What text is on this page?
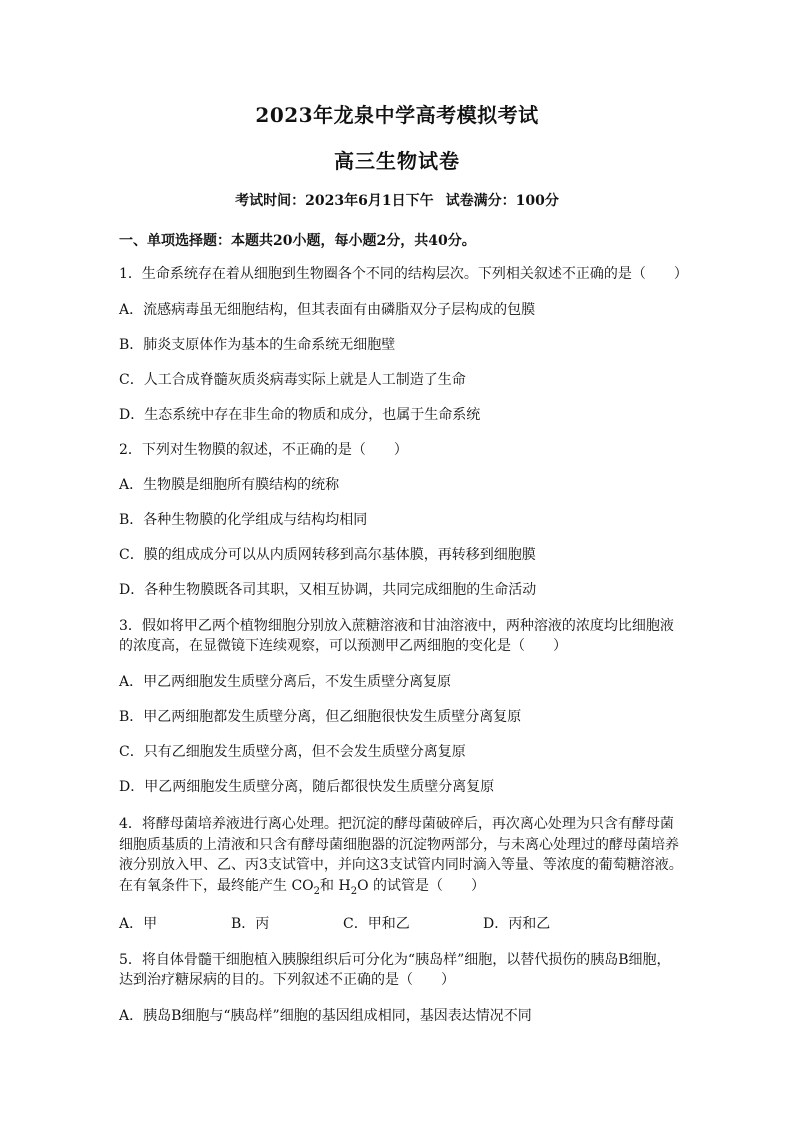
2023年龙泉中学高考模拟考试
高三生物试卷
考试时间：2023年6月1日下午 试卷满分：100分
一、单项选择题：本题共20小题，每小题2分，共40分。
1．生命系统存在着从细胞到生物圈各个不同的结构层次。下列相关叙述不正确的是（　　）
A．流感病毒虽无细胞结构，但其表面有由磷脂双分子层构成的包膜
B．肺炎支原体作为基本的生命系统无细胞壁
C．人工合成脊髓灰质炎病毒实际上就是人工制造了生命
D．生态系统中存在非生命的物质和成分，也属于生命系统
2．下列对生物膜的叙述，不正确的是（　　）
A．生物膜是细胞所有膜结构的统称
B．各种生物膜的化学组成与结构均相同
C．膜的组成成分可以从内质网转移到高尔基体膜，再转移到细胞膜
D．各种生物膜既各司其职，又相互协调，共同完成细胞的生命活动
3．假如将甲乙两个植物细胞分别放入蔗糖溶液和甘油溶液中，两种溶液的浓度均比细胞液
的浓度高，在显微镜下连续观察，可以预测甲乙两细胞的变化是（　　）
A．甲乙两细胞发生质壁分离后，不发生质壁分离复原
B．甲乙两细胞都发生质壁分离，但乙细胞很快发生质壁分离复原
C．只有乙细胞发生质壁分离，但不会发生质壁分离复原
D．甲乙两细胞发生质壁分离，随后都很快发生质壁分离复原
4．将酵母菌培养液进行离心处理。把沉淀的酵母菌破碎后，再次离心处理为只含有酵母菌
细胞质基质的上清液和只含有酵母菌细胞器的沉淀物两部分，与未离心处理过的酵母菌培养
液分别放入甲、乙、丙3支试管中，并向这3支试管内同时滴入等量、等浓度的葡萄糖溶液。
在有氧条件下，最终能产生 $CO_2$和 $H_2O$ 的试管是（　　）
A．甲	B．丙	C．甲和乙	D．丙和乙
5．将自体骨髓干细胞植入胰腺组织后可分化为“胰岛样”细胞，以替代损伤的胰岛B细胞，
达到治疗糖尿病的目的。下列叙述不正确的是（　　）
A．胰岛B细胞与“胰岛样”细胞的基因组成相同，基因表达情况不同
